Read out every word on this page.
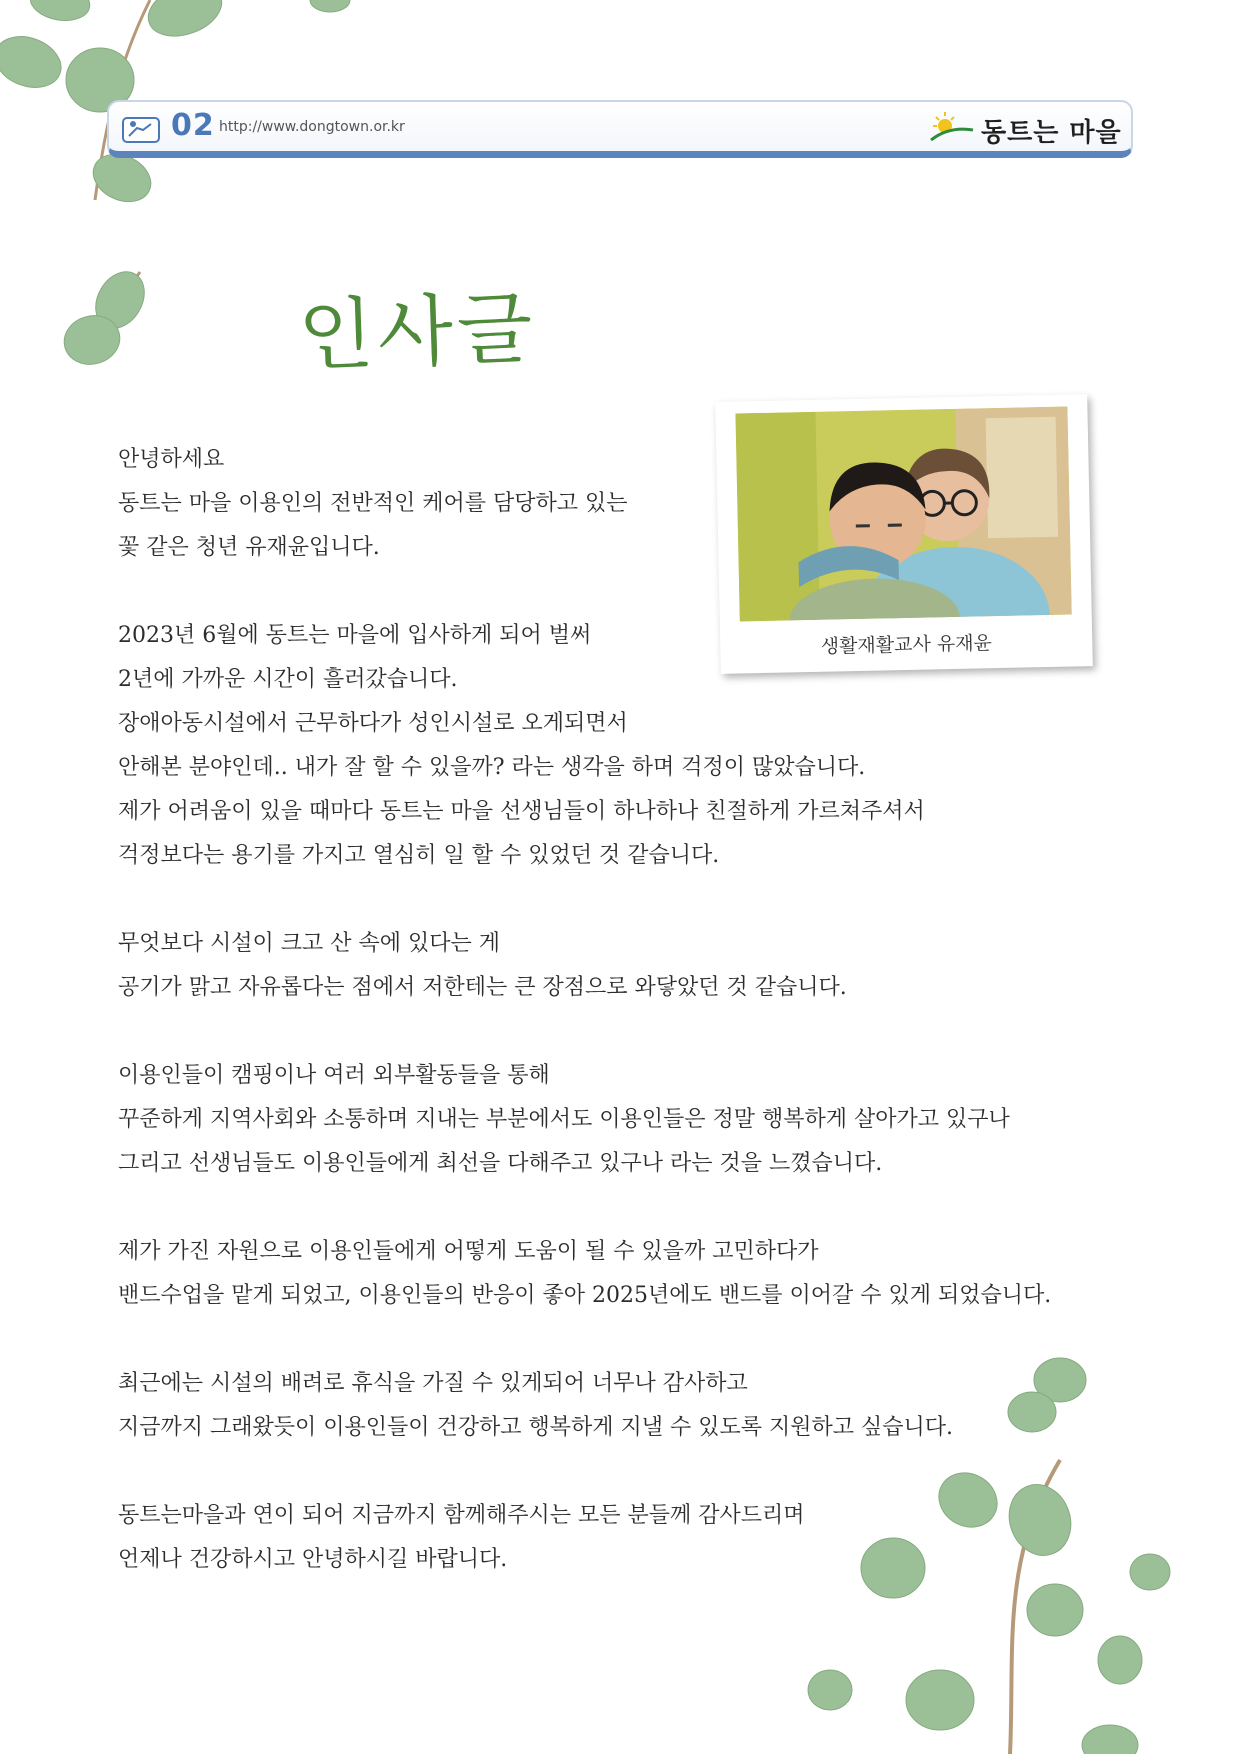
02 http://www.dongtown.or.kr	동트는 마을
인사글
생활재활교사 유재윤
안녕하세요
동트는 마을 이용인의 전반적인 케어를 담당하고 있는
꽃 같은 청년 유재윤입니다.
2023년 6월에 동트는 마을에 입사하게 되어 벌써
2년에 가까운 시간이 흘러갔습니다.
장애아동시설에서 근무하다가 성인시설로 오게되면서
안해본 분야인데.. 내가 잘 할 수 있을까? 라는 생각을 하며 걱정이 많았습니다.
제가 어려움이 있을 때마다 동트는 마을 선생님들이 하나하나 친절하게 가르쳐주셔서
걱정보다는 용기를 가지고 열심히 일 할 수 있었던 것 같습니다.
무엇보다 시설이 크고 산 속에 있다는 게
공기가 맑고 자유롭다는 점에서 저한테는 큰 장점으로 와닿았던 것 같습니다.
이용인들이 캠핑이나 여러 외부활동들을 통해
꾸준하게 지역사회와 소통하며 지내는 부분에서도 이용인들은 정말 행복하게 살아가고 있구나
그리고 선생님들도 이용인들에게 최선을 다해주고 있구나 라는 것을 느꼈습니다.
제가 가진 자원으로 이용인들에게 어떻게 도움이 될 수 있을까 고민하다가
밴드수업을 맡게 되었고, 이용인들의 반응이 좋아 2025년에도 밴드를 이어갈 수 있게 되었습니다.
최근에는 시설의 배려로 휴식을 가질 수 있게되어 너무나 감사하고
지금까지 그래왔듯이 이용인들이 건강하고 행복하게 지낼 수 있도록 지원하고 싶습니다.
동트는마을과 연이 되어 지금까지 함께해주시는 모든 분들께 감사드리며
언제나 건강하시고 안녕하시길 바랍니다.
